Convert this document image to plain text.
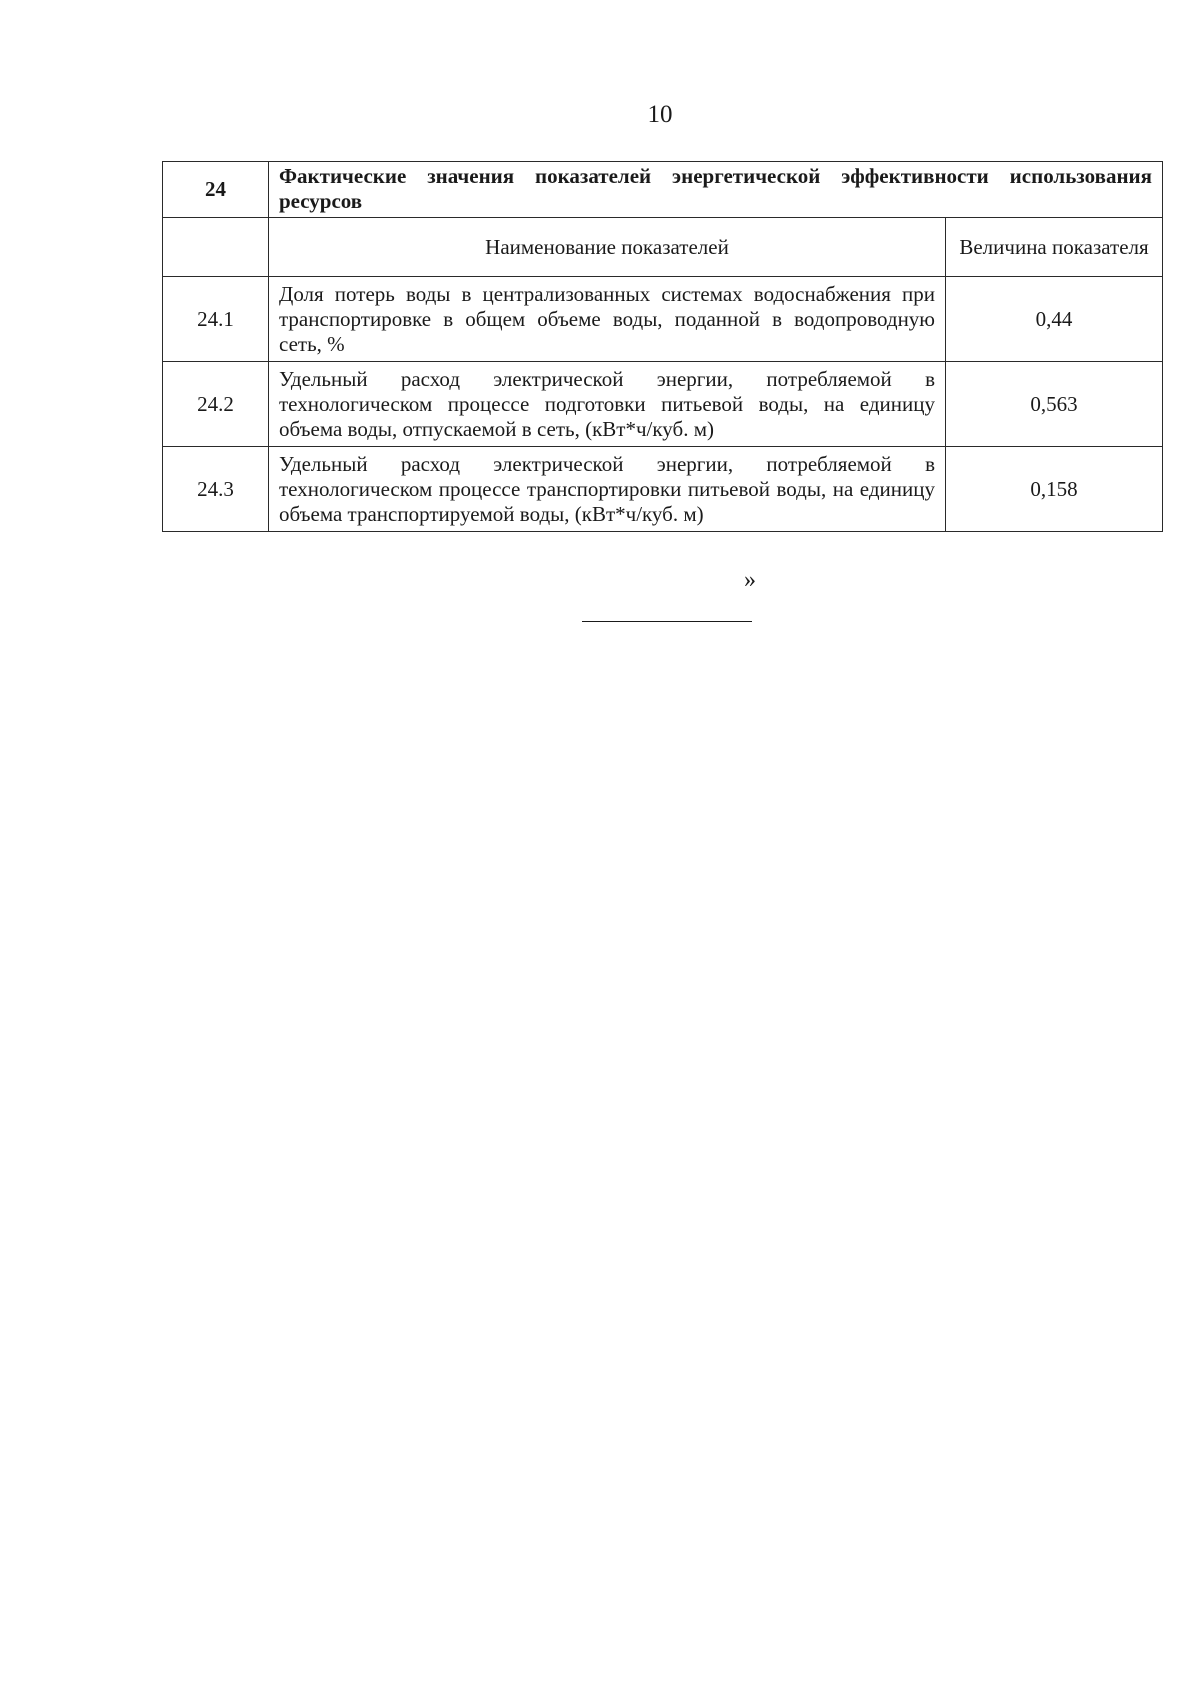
10
24	Фактические значения показателей энергетической эффективности использования ресурсов	
	Наименование показателей	Величина показателя
24.1	Доля потерь воды в централизованных системах водоснабжения при транспортировке в общем объеме воды, поданной в водопроводную сеть, %	0,44
24.2	Удельный расход электрической энергии, потребляемой в технологическом процессе подготовки питьевой воды, на единицу объема воды, отпускаемой в сеть, (кВт*ч/куб. м)	0,563
24.3	Удельный расход электрической энергии, потребляемой в технологическом процессе транспортировки питьевой воды, на единицу объема транспортируемой воды, (кВт*ч/куб. м)	0,158
»
